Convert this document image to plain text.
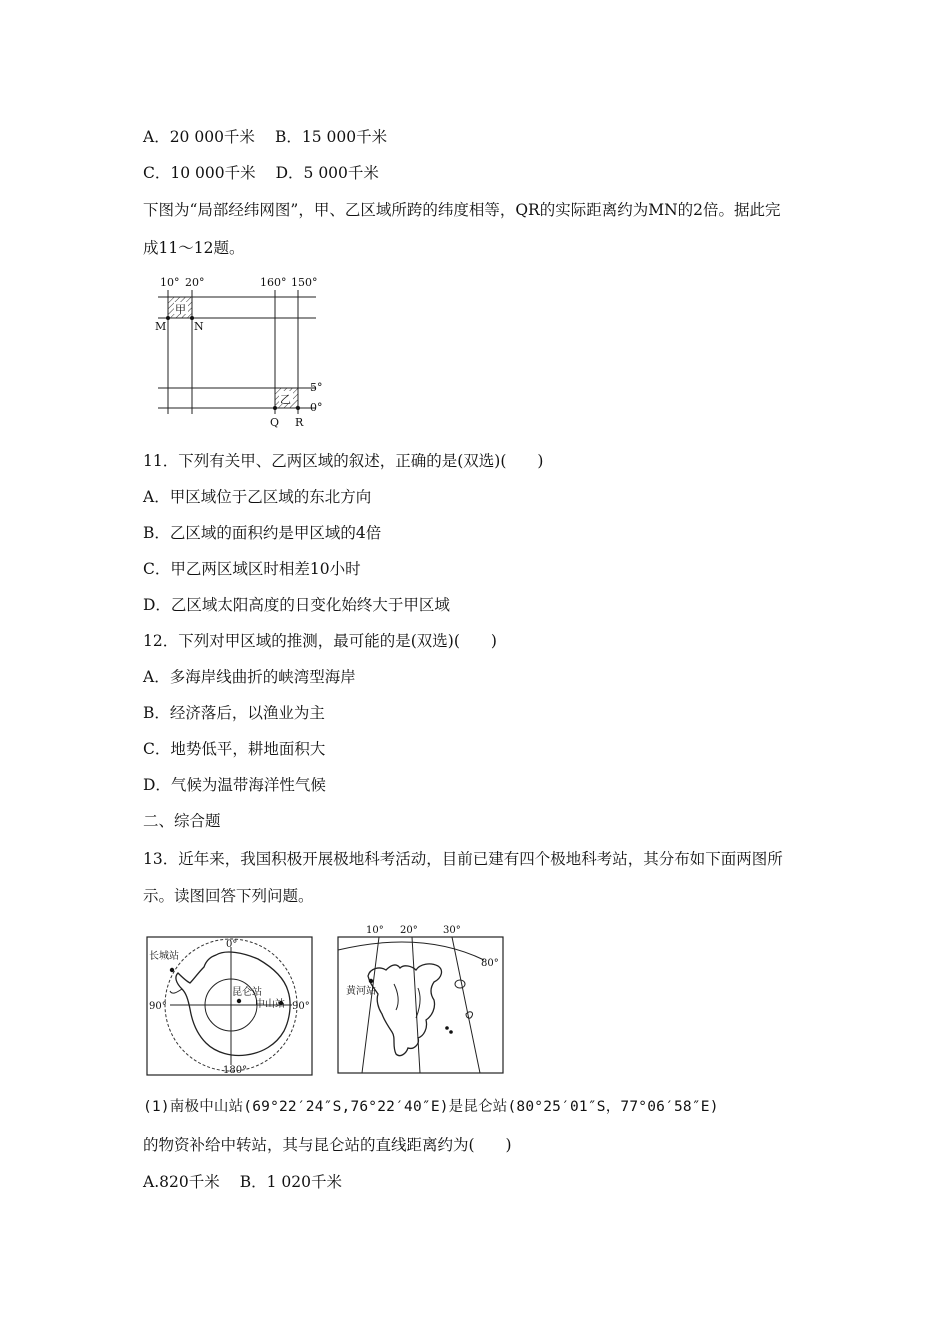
A．20 000千米 B．15 000千米
C．10 000千米 D．5 000千米
下图为“局部经纬网图”，甲、乙区域所跨的纬度相等，QR的实际距离约为MN的2倍。据此完
成11～12题。
10° 20°	160° 150°
5°
0°
甲
乙
M	N
Q R
11．下列有关甲、乙两区域的叙述，正确的是(双选)(　　)
A．甲区域位于乙区域的东北方向
B．乙区域的面积约是甲区域的4倍
C．甲乙两区域区时相差10小时
D．乙区域太阳高度的日变化始终大于甲区域
12．下列对甲区域的推测，最可能的是(双选)(　　)
A．多海岸线曲折的峡湾型海岸
B．经济落后，以渔业为主
C．地势低平，耕地面积大
D．气候为温带海洋性气候
二、综合题
13．近年来，我国积极开展极地科考活动，目前已建有四个极地科考站，其分布如下面两图所
示。读图回答下列问题。
0°
180°
90°	90°
长城站
昆仑站
中山站
10° 20°	30°
80°
黄河站
(1)南极中山站(69°22′24″S,76°22′40″E)是昆仑站(80°25′01″S，77°06′58″E)
的物资补给中转站，其与昆仑站的直线距离约为(　　)
A.820千米 B．1 020千米
